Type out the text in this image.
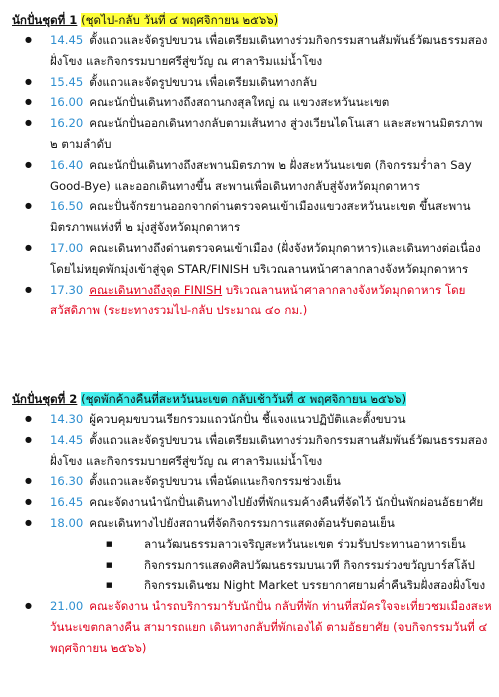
นักปั่นชุดที่ 1 (ชุดไป-กลับ วันที่ ๔ พฤศจิกายน ๒๕๖๖)
● 14.45 ตั้งแถวและจัดรูปขบวน เพื่อเตรียมเดินทางร่วมกิจกรรมสานสัมพันธ์วัฒนธรรมสองฝั่งโขง และกิจกรรมบายศรีสู่ขวัญ ณ ศาลาริมแม่น้ำโขง
● 15.45 ตั้งแถวและจัดรูปขบวน เพื่อเตรียมเดินทางกลับ
● 16.00 คณะนักปั่นเดินทางถึงสถานกงสุลใหญ่ ณ แขวงสะหวันนะเขต
● 16.20 คณะนักปั่นออกเดินทางกลับตามเส้นทาง สู่วงเวียนไดโนเสา และสะพานมิตรภาพ ๒ ตามลำดับ
● 16.40 คณะนักปั่นเดินทางถึงสะพานมิตรภาพ ๒ ฝั่งสะหวันนะเขต (กิจกรรมร่ำลา Say Good-Bye) และออกเดินทางขึ้น สะพานเพื่อเดินทางกลับสู่จังหวัดมุกดาหาร
● 16.50 คณะปั่นจักรยานออกจากด่านตรวจคนเข้าเมืองแขวงสะหวันนะเขต ขึ้นสะพานมิตรภาพแห่งที่ ๒ มุ่งสู่จังหวัดมุกดาหาร
● 17.00 คณะเดินทางถึงด่านตรวจคนเข้าเมือง (ฝั่งจังหวัดมุกดาหาร)และเดินทางต่อเนื่องโดยไม่หยุดพักมุ่งเข้าสู่จุด STAR/FINISH บริเวณลานหน้าศาลากลางจังหวัดมุกดาหาร
● 17.30 คณะเดินทางถึงจุด FINISH บริเวณลานหน้าศาลากลางจังหวัดมุกดาหาร โดยสวัสดิภาพ (ระยะทางรวมไป-กลับ ประมาณ ๔๐ กม.)
นักปั่นชุดที่ 2 (ชุดพักค้างคืนที่สะหวันนะเขต กลับเช้าวันที่ ๕ พฤศจิกายน ๒๕๖๖)
● 14.30 ผู้ควบคุมขบวนเรียกรวมแถวนักปั่น ชี้แจงแนวปฏิบัติและตั้งขบวน
● 14.45 ตั้งแถวและจัดรูปขบวน เพื่อเตรียมเดินทางร่วมกิจกรรมสานสัมพันธ์วัฒนธรรมสองฝั่งโขง และกิจกรรมบายศรีสู่ขวัญ ณ ศาลาริมแม่น้ำโขง
● 16.30 ตั้งแถวและจัดรูปขบวน เพื่อนัดแนะกิจกรรมช่วงเย็น
● 16.45 คณะจัดงานนำนักปั่นเดินทางไปยังที่พักแรมค้างคืนที่จัดไว้ นักปั่นพักผ่อนอัธยาศัย
● 18.00 คณะเดินทางไปยังสถานที่จัดกิจกรรมการแสดงต้อนรับตอนเย็น
■ ลานวัฒนธรรมลาวเจริญสะหวันนะเขต ร่วมรับประทานอาหารเย็น
■ กิจกรรมการแสดงศิลปวัฒนธรรมบนเวที กิจกรรมร่วงขวัญบาร์สโล้ป
■ กิจกรรมเดินชม Night Market บรรยากาศยามค่ำคืนริมฝั่งสองฝั่งโขง
● 21.00 คณะจัดงาน นำรถบริการมารับนักปั่น กลับที่พัก ท่านที่สมัครใจจะเที่ยวชมเมืองสะหวันนะเขตกลางคืน สามารถแยก เดินทางกลับที่พักเองได้ ตามอัธยาศัย (จบกิจกรรมวันที่ ๔ พฤศจิกายน ๒๕๖๖)
